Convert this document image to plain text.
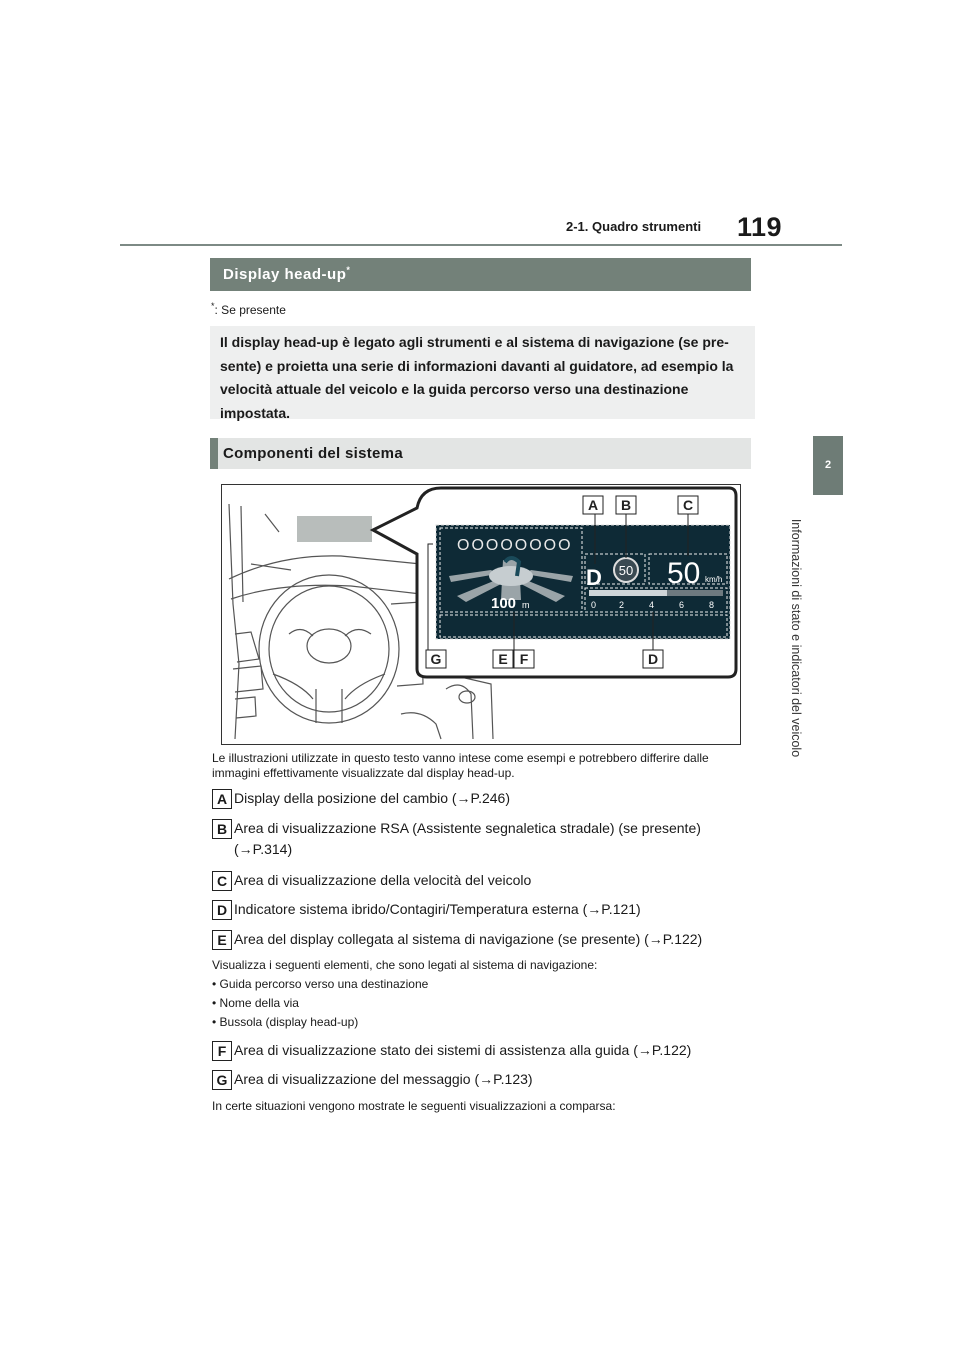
119
2-1. Quadro strumenti
2
Informazioni di stato e indicatori del veicolo
Display head-up*
*: Se presente

Il display head-up è legato agli strumenti e al sistema di navigazione (se pre-sente) e proietta una serie di informazioni davanti al guidatore, ad esempio la velocità attuale del veicolo e la guida percorso verso una destinazione impostata.

Componenti del sistema
OOOOOOOO
100 m
D 50 50 km/h
0	2	4	6	8
A B	C
G	E F	D
Le illustrazioni utilizzate in questo testo vanno intese come esempi e potrebbero differire dalle immagini effettivamente visualizzate dal display head-up.
A Display della posizione del cambio (→P.246)
B Area di visualizzazione RSA (Assistente segnaletica stradale) (se presente)
(→P.314)
C Area di visualizzazione della velocità del veicolo
D Indicatore sistema ibrido/Contagiri/Temperatura esterna (→P.121)
E Area del display collegata al sistema di navigazione (se presente) (→P.122)
Visualizza i seguenti elementi, che sono legati al sistema di navigazione:
• Guida percorso verso una destinazione
• Nome della via
• Bussola (display head-up)
F Area di visualizzazione stato dei sistemi di assistenza alla guida (→P.122)
G Area di visualizzazione del messaggio (→P.123)
In certe situazioni vengono mostrate le seguenti visualizzazioni a comparsa:
